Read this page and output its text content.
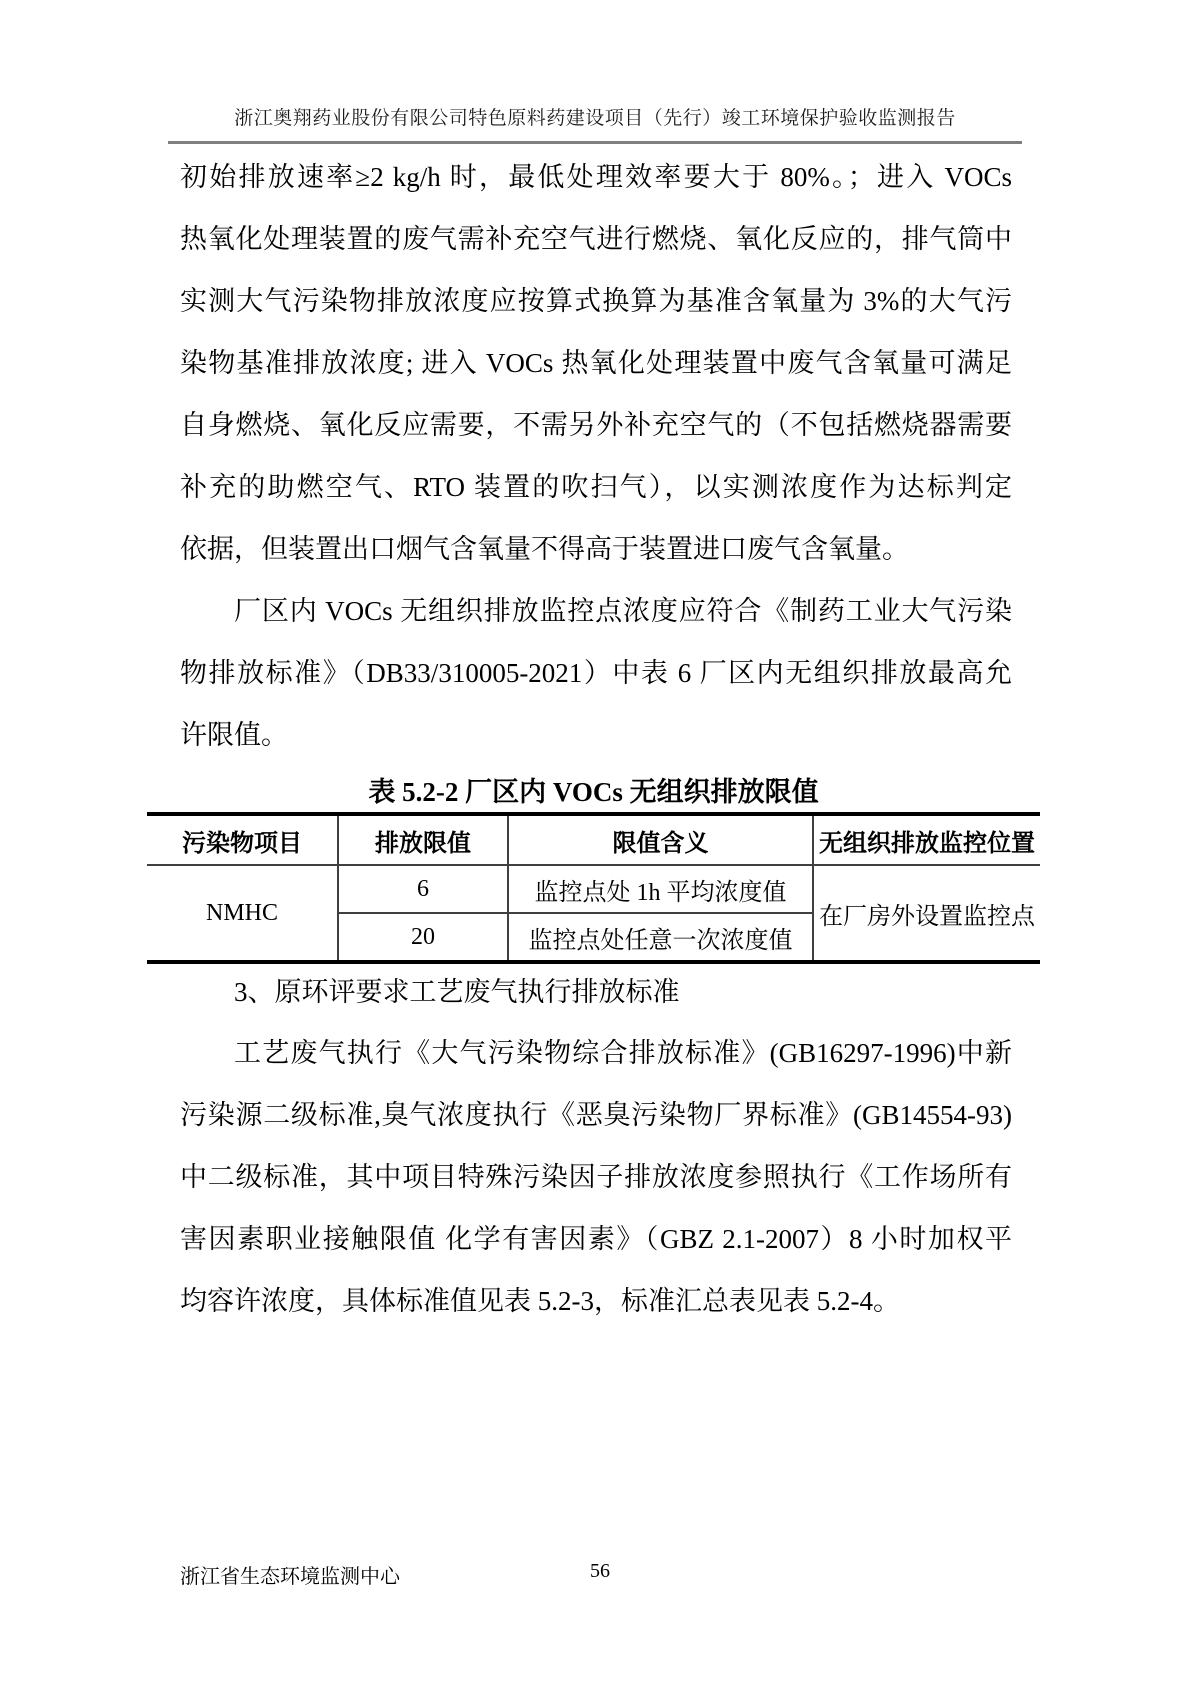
浙江奥翔药业股份有限公司特色原料药建设项目（先行）竣工环境保护验收监测报告
初始排放速率≥2 kg/h 时，最低处理效率要大于 80%。；进入 VOCs
热氧化处理装置的废气需补充空气进行燃烧、氧化反应的，排气筒中
实测大气污染物排放浓度应按算式换算为基准含氧量为 3%的大气污
染物基准排放浓度; 进入 VOCs 热氧化处理装置中废气含氧量可满足
自身燃烧、氧化反应需要，不需另外补充空气的（不包括燃烧器需要
补充的助燃空气、RTO 装置的吹扫气），以实测浓度作为达标判定
依据，但装置出口烟气含氧量不得高于装置进口废气含氧量。
厂区内 VOCs 无组织排放监控点浓度应符合《制药工业大气污染
物排放标准》（DB33/310005-2021）中表 6 厂区内无组织排放最高允
许限值。
表 5.2-2 厂区内 VOCs 无组织排放限值
污染物项目	排放限值	限值含义	无组织排放监控位置
NMHC	6	监控点处 1h 平均浓度值	在厂房外设置监控点
	20	监控点处任意一次浓度值	
3、原环评要求工艺废气执行排放标准
工艺废气执行《大气污染物综合排放标准》(GB16297-1996)中新
污染源二级标准,臭气浓度执行《恶臭污染物厂界标准》(GB14554-93)
中二级标准，其中项目特殊污染因子排放浓度参照执行《工作场所有
害因素职业接触限值 化学有害因素》（GBZ 2.1-2007）8 小时加权平
均容许浓度，具体标准值见表 5.2-3，标准汇总表见表 5.2-4。
浙江省生态环境监测中心	56
